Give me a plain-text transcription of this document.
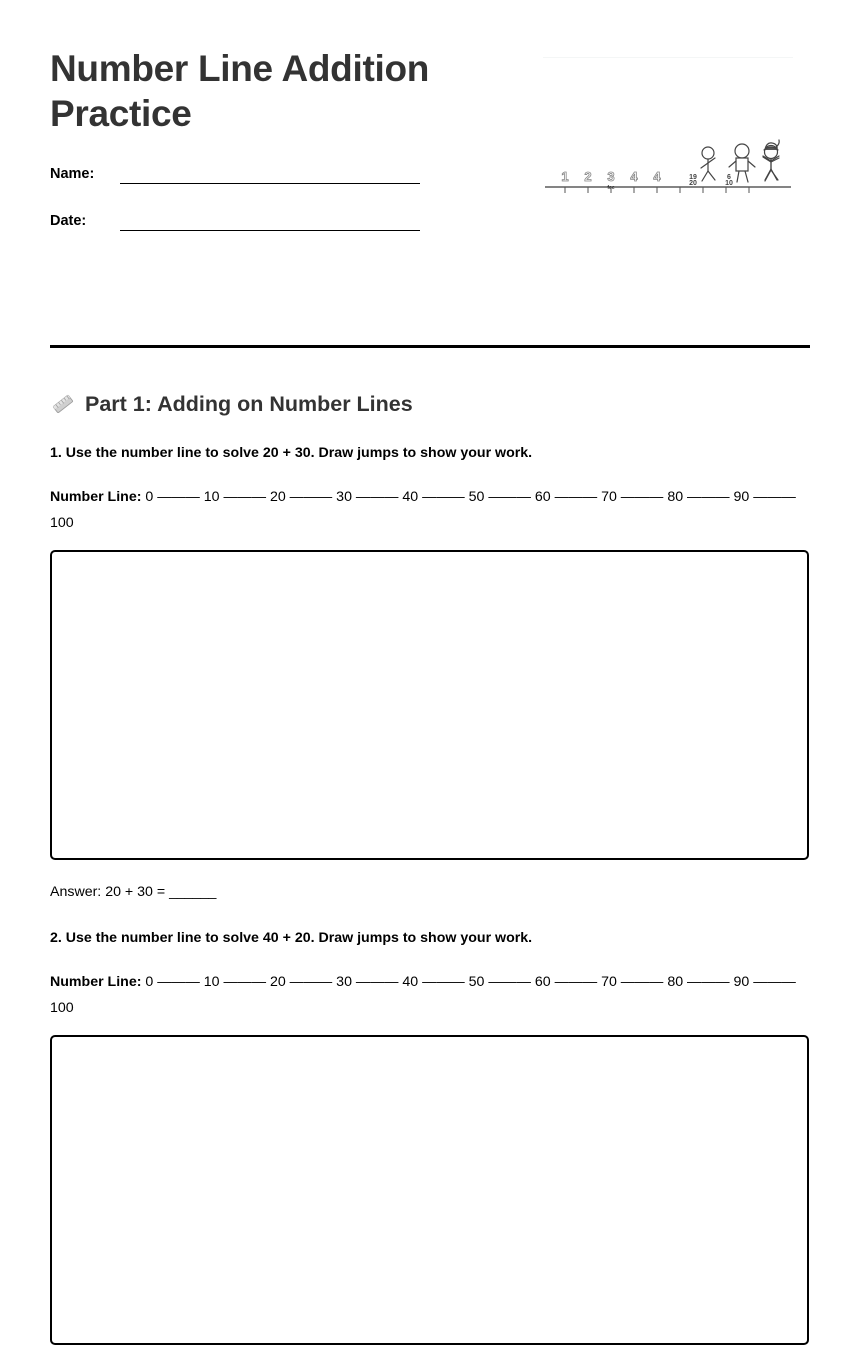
Number Line Addition Practice
Name:
Date:
1 2 3 4 4
fee
19
20
6
10
Part 1: Adding on Number Lines

1. Use the number line to solve 20 + 30. Draw jumps to show your work.

Number Line: 0 ——— 10 ——— 20 ——— 30 ——— 40 ——— 50 ——— 60 ——— 70 ——— 80 ——— 90 ——— 100

Answer: 20 + 30 = ______

2. Use the number line to solve 40 + 20. Draw jumps to show your work.

Number Line: 0 ——— 10 ——— 20 ——— 30 ——— 40 ——— 50 ——— 60 ——— 70 ——— 80 ——— 90 ——— 100
